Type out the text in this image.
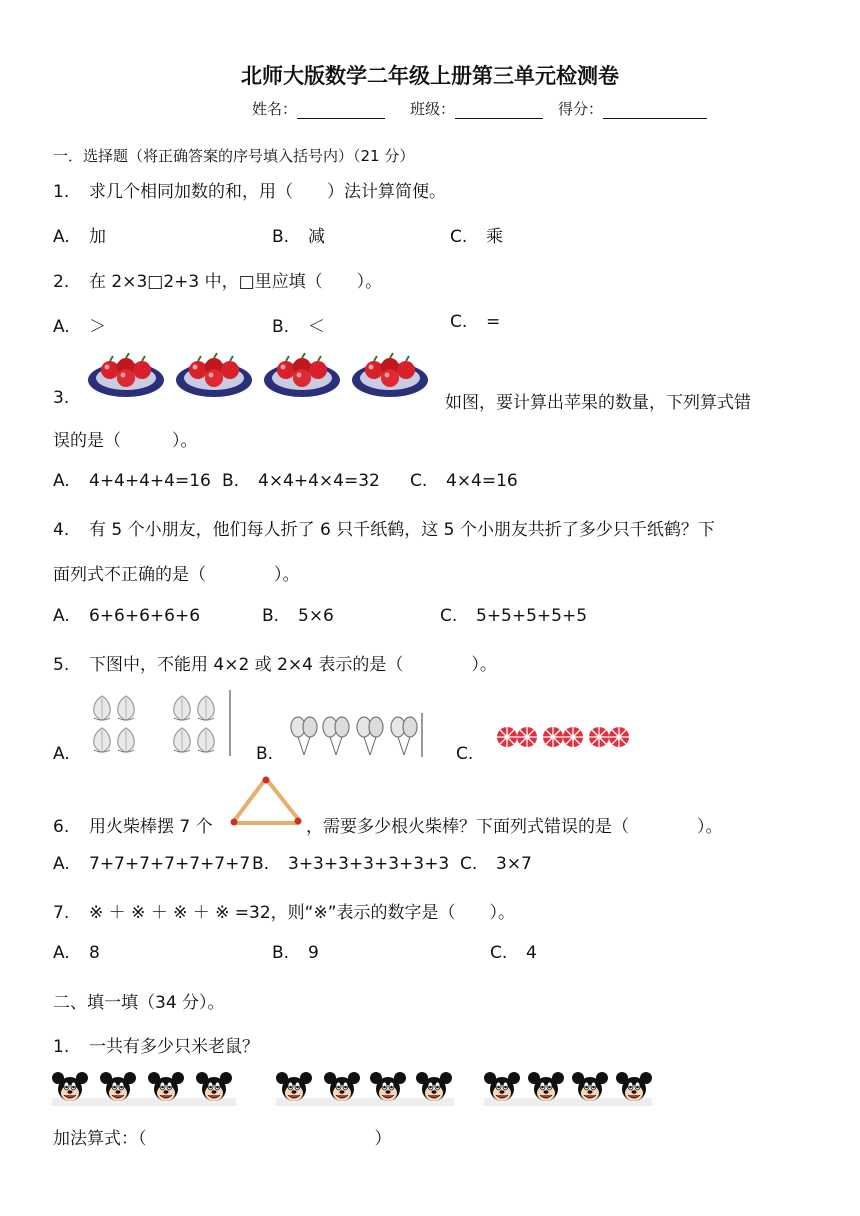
北师大版数学二年级上册第三单元检测卷
姓名：	班级：	得分：
一．选择题（将正确答案的序号填入括号内）（21 分）
1. 求几个相同加数的和，用（　　）法计算简便。
A. 加	B. 减	C. 乘
2. 在 2×3□2+3 中，□里应填（　　）。
A. ＞	B. ＜	C. =
3.	如图，要计算出苹果的数量，下列算式错
误的是（　　　）。
A. 4+4+4+4=16 B. 4×4+4×4=32 C. 4×4=16
4. 有 5 个小朋友，他们每人折了 6 只千纸鹤，这 5 个小朋友共折了多少只千纸鹤？下
面列式不正确的是（　　　　）。
A. 6+6+6+6+6	B. 5×6	C. 5+5+5+5+5
5. 下图中，不能用 4×2 或 2×4 表示的是（　　　　）。
A.	B.	C.
6. 用火柴棒摆 7 个	，需要多少根火柴棒？下面列式错误的是（　　　　）。
A. 7+7+7+7+7+7+7 B. 3+3+3+3+3+3+3 C. 3×7
7. ※ ＋ ※ ＋ ※ ＋ ※ =32，则“※”表示的数字是（　　）。
A. 8	B. 9	C. 4
二、填一填（34 分）。
1. 一共有多少只米老鼠？
加法算式：（	）
